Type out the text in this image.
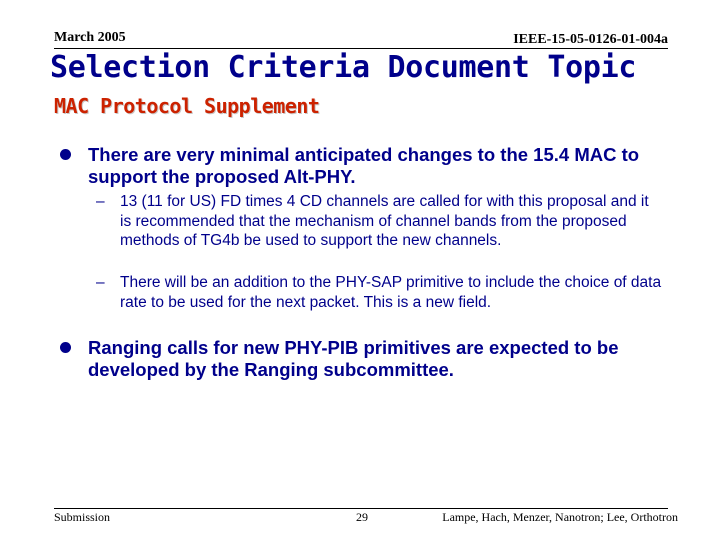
March 2005	IEEE-15-05-0126-01-004a
Selection Criteria Document Topic
MAC Protocol Supplement
There are very minimal anticipated changes to the 15.4 MAC to support the proposed Alt-PHY.
– 13 (11 for US) FD times 4 CD channels are called for with this proposal and it is recommended that the mechanism of channel bands from the proposed methods of TG4b be used to support the new channels.
– There will be an addition to the PHY-SAP primitive to include the choice of data rate to be used for the next packet. This is a new field.
Ranging calls for new PHY-PIB primitives are expected to be developed by the Ranging subcommittee.
Submission	29	Lampe, Hach, Menzer, Nanotron; Lee, Orthotron
